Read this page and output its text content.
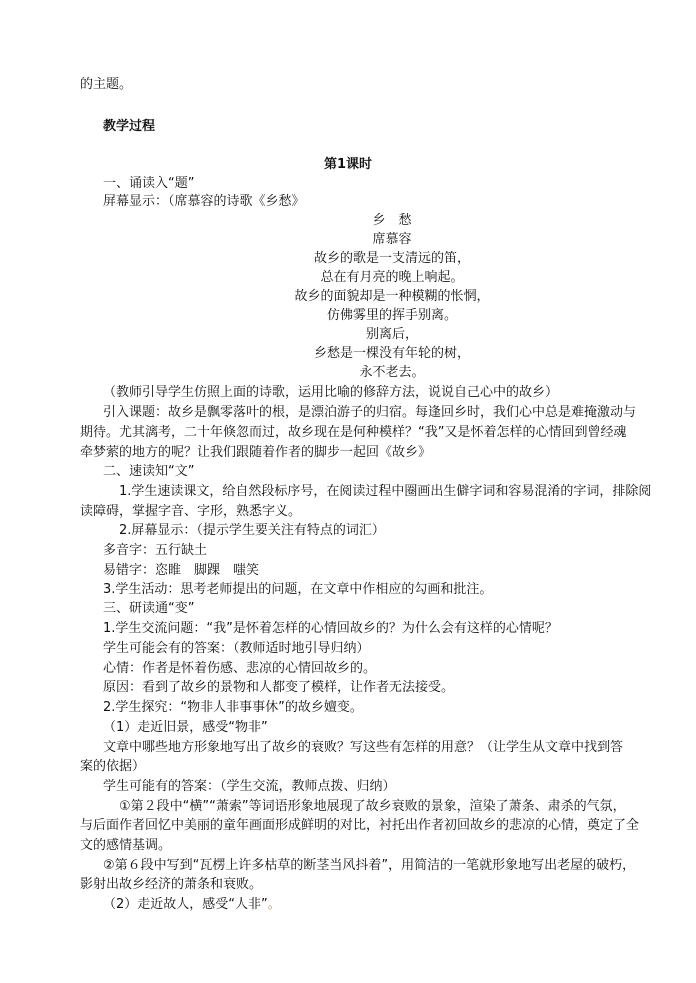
的主题。
教学过程
第1课时
一、诵读入“题”
屏幕显示：（席慕容的诗歌《乡愁》
乡　愁
席慕容
故乡的歌是一支清远的笛，
总在有月亮的晚上响起。
故乡的面貌却是一种模糊的怅惘，
仿佛雾里的挥手别离。
别离后，
乡愁是一棵没有年轮的树，
永不老去。
（教师引导学生仿照上面的诗歌，运用比喻的修辞方法，说说自己心中的故乡）
引入课题：故乡是飘零落叶的根，是漂泊游子的归宿。每逢回乡时，我们心中总是难掩激动与
期待。尤其漓考，二十年倏忽而过，故乡现在是何种模样？“我”又是怀着怎样的心情回到曾经魂
牵梦萦的地方的呢？让我们跟随着作者的脚步一起回《故乡》
二、速读知“文”
1.学生速读课文，给自然段标序号，在阅读过程中圈画出生僻字词和容易混淆的字词，排除阅
读障碍，掌握字音、字形，熟悉字义。
2.屏幕显示：（提示学生要关注有特点的词汇）
多音字：五行缺土
易错字：恣睢　脚踝　嗤笑
3.学生活动：思考老师提出的问题，在文章中作相应的勾画和批注。
三、研读通“变”
1.学生交流问题：“我”是怀着怎样的心情回故乡的？为什么会有这样的心情呢？
学生可能会有的答案：（教师适时地引导归纳）
心情：作者是怀着伤感、悲凉的心情回故乡的。
原因：看到了故乡的景物和人都变了模样，让作者无法接受。
2.学生探究：“物非人非事事休”的故乡嬗变。
（1）走近旧景，感受“物非”
文章中哪些地方形象地写出了故乡的衰败？写这些有怎样的用意？（让学生从文章中找到答
案的依据）
学生可能有的答案：（学生交流，教师点拨、归纳）
①第２段中“横”“萧索”等词语形象地展现了故乡衰败的景象，渲染了萧条、肃杀的气氛，
与后面作者回忆中美丽的童年画面形成鲜明的对比，衬托出作者初回故乡的悲凉的心情，奠定了全
文的感情基调。
②第６段中写到“瓦楞上许多枯草的断茎当风抖着”，用简洁的一笔就形象地写出老屋的破朽，
影射出故乡经济的萧条和衰败。
（2）走近故人，感受“人非”。
